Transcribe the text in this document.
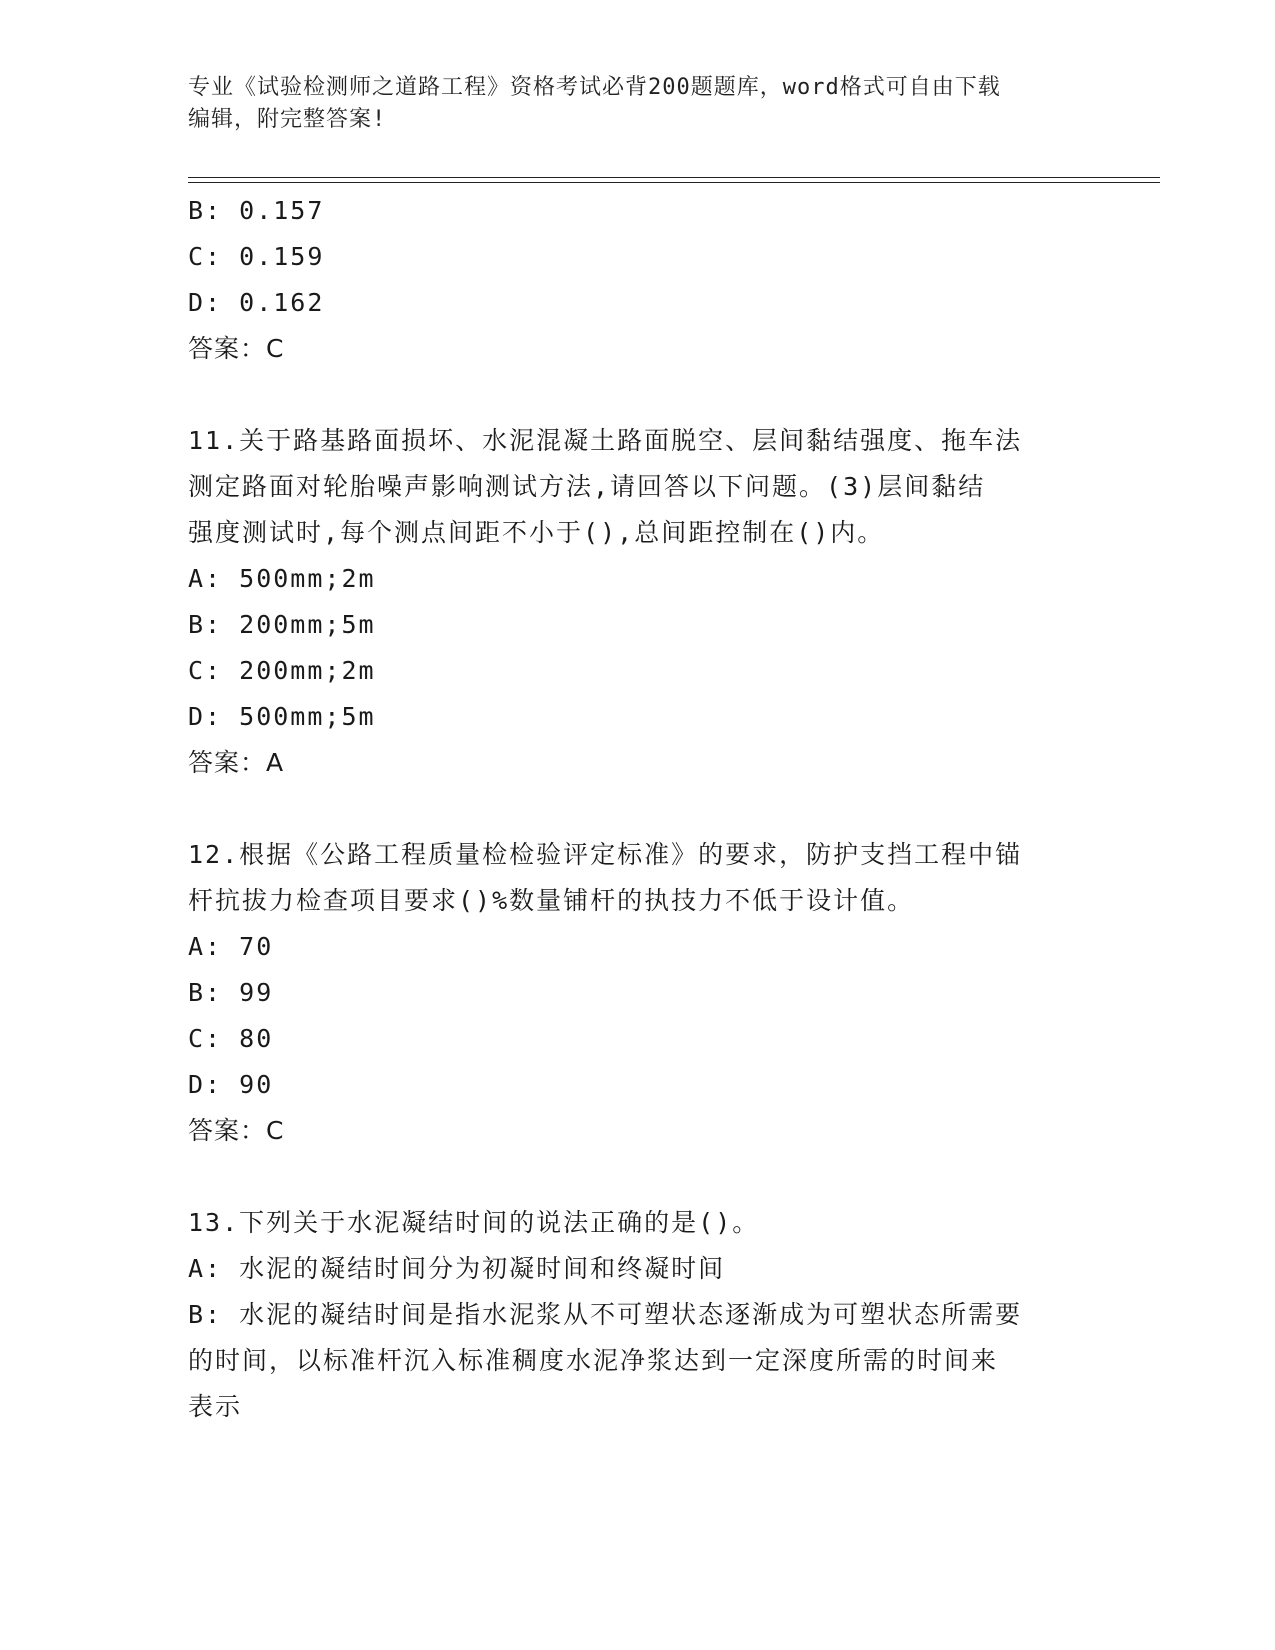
专业《试验检测师之道路工程》资格考试必背200题题库，word格式可自由下载
编辑，附完整答案!
B: 0.157
C: 0.159
D: 0.162
答案：C
11.关于路基路面损坏、水泥混凝土路面脱空、层间黏结强度、拖车法
测定路面对轮胎噪声影响测试方法,请回答以下问题。(3)层间黏结
强度测试时,每个测点间距不小于(),总间距控制在()内。
A: 500mm;2m
B: 200mm;5m
C: 200mm;2m
D: 500mm;5m
答案：A
12.根据《公路工程质量检检验评定标准》的要求，防护支挡工程中锚
杆抗拔力检查项目要求()%数量铺杆的执技力不低于设计值。
A: 70
B: 99
C: 80
D: 90
答案：C
13.下列关于水泥凝结时间的说法正确的是()。
A: 水泥的凝结时间分为初凝时间和终凝时间
B: 水泥的凝结时间是指水泥浆从不可塑状态逐渐成为可塑状态所需要
的时间，以标准杆沉入标准稠度水泥净浆达到一定深度所需的时间来
表示
